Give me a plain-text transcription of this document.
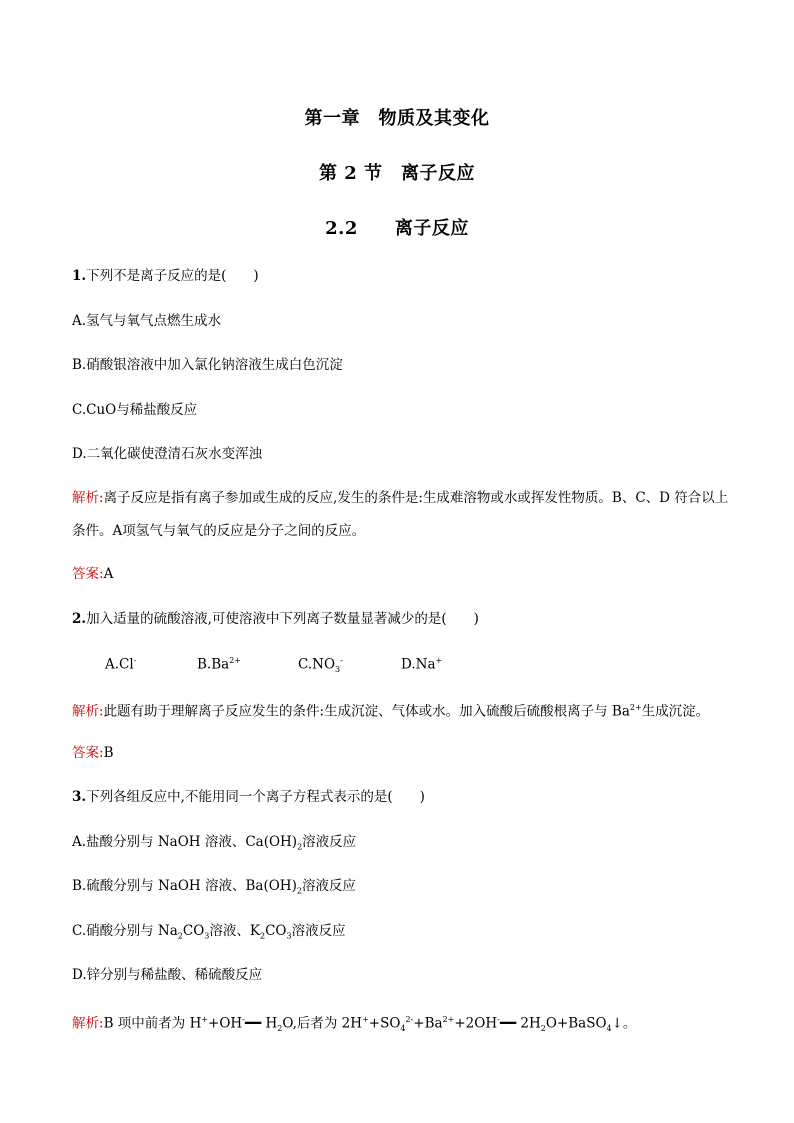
第一章　物质及其变化
第 2 节　离子反应
2.2　　离子反应
1.下列不是离子反应的是(　　)
A.氢气与氧气点燃生成水
B.硝酸银溶液中加入氯化钠溶液生成白色沉淀
C.CuO与稀盐酸反应
D.二氧化碳使澄清石灰水变浑浊
解析:离子反应是指有离子参加或生成的反应,发生的条件是:生成难溶物或水或挥发性物质。B、C、D 符合以上条件。A项氢气与氧气的反应是分子之间的反应。
答案:A
2.加入适量的硫酸溶液,可使溶液中下列离子数量显著减少的是(　　)
A.Cl-	$B.Ba^{2+}$	$C.NO_3^-$	D.Na+
解析:此题有助于理解离子反应发生的条件:生成沉淀、气体或水。加入硫酸后硫酸根离子与 $Ba^{2+}$生成沉淀。
答案:B
3.下列各组反应中,不能用同一个离子方程式表示的是(　　)
A.盐酸分别与 NaOH 溶液、$Ca(OH)_2$溶液反应
B.硫酸分别与 NaOH 溶液、$Ba(OH)_2$溶液反应
C.硝酸分别与 $Na_2CO_3$溶液、$K_2CO_3$溶液反应
D.锌分别与稀盐酸、稀硫酸反应
解析:B 项中前者为 H++OH-━━ $H_2O$,后者为 $2H^++SO_4^{2-}+Ba^{2+}+2OH^-━━$ $2H_2O+BaSO_4↓$。
